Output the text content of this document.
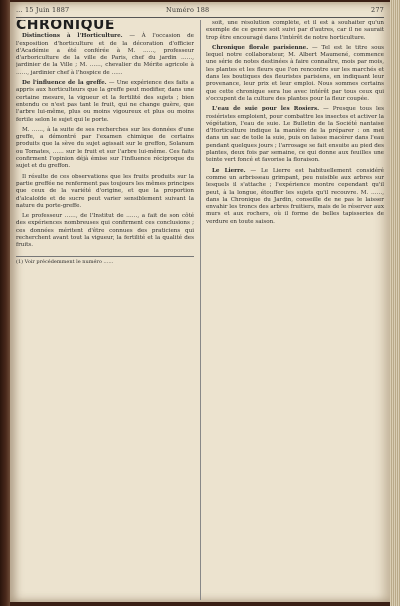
… 15 Juin 1887	Numéro 188	277
CHRONIQUE

Distinctions à l'Horticulture. — À l'occasion de l'exposition d'horticulture et de la décoration d'officier d'Académie a été conférée à M. ……, professeur d'arboriculture de la ville de Paris, chef du jardin ……, jardinier de la Ville ; M. ……, chevalier du Mérite agricole à ……, jardinier chef à l'hospice de ……

De l'influence de la greffe. — Une expérience des faits a appris aux horticulteurs que la greffe peut modifier, dans une certaine mesure, la vigueur et la fertilité des sujets ; bien entendu ce n'est pas tant le fruit, qui ne change guère, que l'arbre lui-même, plus ou moins vigoureux et plus ou moins fertile selon le sujet qui le porte.

M. ……, à la suite de ses recherches sur les données d'une greffe, a démontré par l'examen chimique de certains produits que la sève du sujet agissait sur le greffon, Solanum ou Tomates, …… sur le fruit et sur l'arbre lui-même. Ces faits confirment l'opinion déjà émise sur l'influence réciproque du sujet et du greffon.

Il résulte de ces observations que les fruits produits sur la partie greffée ne renferment pas toujours les mêmes principes que ceux de la variété d'origine, et que la proportion d'alcaloïde et de sucre peut varier sensiblement suivant la nature du porte-greffe.

Le professeur ……, de l'Institut de ……, a fait de son côté des expériences nombreuses qui confirment ces conclusions ; ces données méritent d'être connues des praticiens qui recherchent avant tout la vigueur, la fertilité et la qualité des fruits.

(1) Voir précédemment le numéro ……

soit, une résolution complète, et il est à souhaiter qu'un exemple de ce genre soit suivi par d'autres, car il ne saurait trop être encouragé dans l'intérêt de notre horticulture.

Chronique florale parisienne. — Tel est le titre sous lequel notre collaborateur, M. Albert Maumené, commence une série de notes destinées à faire connaître, mois par mois, les plantes et les fleurs que l'on rencontre sur les marchés et dans les boutiques des fleuristes parisiens, en indiquant leur provenance, leur prix et leur emploi. Nous sommes certains que cette chronique sera lue avec intérêt par tous ceux qui s'occupent de la culture des plantes pour la fleur coupée.

L'eau de suie pour les Rosiers. — Presque tous les rosiéristes emploient, pour combattre les insectes et activer la végétation, l'eau de suie. Le Bulletin de la Société nantaise d'Horticulture indique la manière de la préparer : on met dans un sac de toile la suie, puis on laisse macérer dans l'eau pendant quelques jours ; l'arrosage se fait ensuite au pied des plantes, deux fois par semaine, ce qui donne aux feuilles une teinte vert foncé et favorise la floraison.

Le Lierre. — Le Lierre est habituellement considéré comme un arbrisseau grimpant, peu nuisible aux arbres sur lesquels il s'attache ; l'expérience montre cependant qu'il peut, à la longue, étouffer les sujets qu'il recouvre. M. ……, dans la Chronique du Jardin, conseille de ne pas le laisser envahir les troncs des arbres fruitiers, mais de le réserver aux murs et aux rochers, où il forme de belles tapisseries de verdure en toute saison.
